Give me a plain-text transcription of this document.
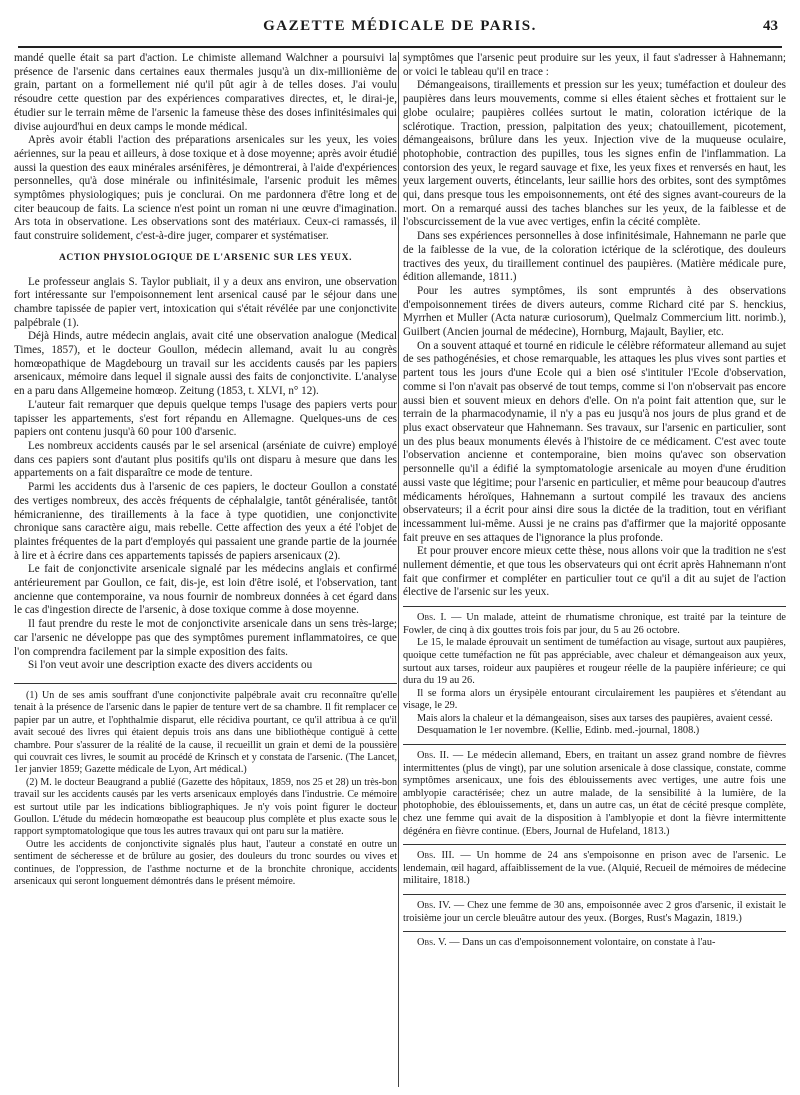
GAZETTE MÉDICALE DE PARIS.	43

mandé quelle était sa part d'action. Le chimiste allemand Walchner a poursuivi la présence de l'arsenic dans certaines eaux thermales jusqu'à un dix-millionième de grain, partant on a formellement nié qu'il pût agir à de telles doses. J'ai voulu résoudre cette question par des expériences comparatives directes, et, le dirai-je, étudier sur le terrain même de l'arsenic la fameuse thèse des doses infinitésimales qui divise aujourd'hui en deux camps le monde médical.

Après avoir établi l'action des préparations arsenicales sur les yeux, les voies aériennes, sur la peau et ailleurs, à dose toxique et à dose moyenne; après avoir étudié aussi la question des eaux minérales arsénifères, je démontrerai, à l'aide d'expériences personnelles, qu'à dose minérale ou infinitésimale, l'arsenic produit les mêmes symptômes physiologiques; puis je conclurai. On me pardonnera d'être long et de citer beaucoup de faits. La science n'est point un roman ni une œuvre d'imagination. Ars tota in observatione. Les observations sont des matériaux. Ceux-ci ramassés, il faut construire solidement, c'est-à-dire juger, comparer et systématiser.

ACTION PHYSIOLOGIQUE DE L'ARSENIC SUR LES YEUX.

Le professeur anglais S. Taylor publiait, il y a deux ans environ, une observation fort intéressante sur l'empoisonnement lent arsenical causé par le séjour dans une chambre tapissée de papier vert, intoxication qui s'était révélée par une conjonctivite palpébrale (1).

Déjà Hinds, autre médecin anglais, avait cité une observation analogue (Medical Times, 1857), et le docteur Goullon, médecin allemand, avait lu au congrès homœopathique de Magdebourg un travail sur les accidents causés par les papiers arsenicaux, mémoire dans lequel il signale aussi des faits de conjonctivite. L'analyse en a paru dans Allgemeine homœop. Zeitung (1853, t. XLVI, n° 12).

L'auteur fait remarquer que depuis quelque temps l'usage des papiers verts pour tapisser les appartements, s'est fort répandu en Allemagne. Quelques-uns de ces papiers ont contenu jusqu'à 60 pour 100 d'arsenic.

Les nombreux accidents causés par le sel arsenical (arséniate de cuivre) employé dans ces papiers sont d'autant plus positifs qu'ils ont disparu à mesure que dans les appartements on a fait disparaître ce mode de tenture.

Parmi les accidents dus à l'arsenic de ces papiers, le docteur Goullon a constaté des vertiges nombreux, des accès fréquents de céphalalgie, tantôt généralisée, tantôt hémicranienne, des tiraillements à la face à type quotidien, une conjonctivite chronique sans caractère aigu, mais rebelle. Cette affection des yeux a été l'objet de plaintes fréquentes de la part d'employés qui passaient une grande partie de la journée à lire et à écrire dans ces appartements tapissés de papiers arsenicaux (2).

Le fait de conjonctivite arsenicale signalé par les médecins anglais et confirmé antérieurement par Goullon, ce fait, dis-je, est loin d'être isolé, et l'observation, tant ancienne que contemporaine, va nous fournir de nombreux données à cet égard dans le cas d'ingestion directe de l'arsenic, à dose toxique comme à dose moyenne.

Il faut prendre du reste le mot de conjonctivite arsenicale dans un sens très-large; car l'arsenic ne développe pas que des symptômes purement inflammatoires, ce que l'on comprendra facilement par la simple exposition des faits.

Si l'on veut avoir une description exacte des divers accidents ou

(1) Un de ses amis souffrant d'une conjonctivite palpébrale avait cru reconnaître qu'elle tenait à la présence de l'arsenic dans le papier de tenture vert de sa chambre. Il fit remplacer ce papier par un autre, et l'ophthalmie disparut, elle récidiva pourtant, ce qu'il attribua à ce qu'il avait secoué des livres qui étaient depuis trois ans dans une bibliothèque contiguë à cette chambre. Pour s'assurer de la réalité de la cause, il recueillit un grain et demi de la poussière qui couvrait ces livres, le soumit au procédé de Krinsch et y constata de l'arsenic. (The Lancet, 1er janvier 1859; Gazette médicale de Lyon, Art médical.)

(2) M. le docteur Beaugrand a publié (Gazette des hôpitaux, 1859, nos 25 et 28) un très-bon travail sur les accidents causés par les verts arsenicaux employés dans l'industrie. Ce mémoire est surtout utile par les indications bibliographiques. Je n'y vois point figurer le docteur Goullon. L'étude du médecin homœopathe est beaucoup plus complète et plus exacte sous le rapport symptomatologique que tous les autres travaux qui ont paru sur la matière.

Outre les accidents de conjonctivite signalés plus haut, l'auteur a constaté en outre un sentiment de sécheresse et de brûlure au gosier, des douleurs du tronc sourdes ou vives et continues, de l'oppression, de l'asthme nocturne et de la bronchite chronique, accidents arsenicaux qui seront longuement démontrés dans le présent mémoire.

symptômes que l'arsenic peut produire sur les yeux, il faut s'adresser à Hahnemann; or voici le tableau qu'il en trace :

Démangeaisons, tiraillements et pression sur les yeux; tuméfaction et douleur des paupières dans leurs mouvements, comme si elles étaient sèches et frottaient sur le globe oculaire; paupières collées surtout le matin, coloration ictérique de la sclérotique. Traction, pression, palpitation des yeux; chatouillement, picotement, démangeaisons, brûlure dans les yeux. Injection vive de la muqueuse oculaire, photophobie, contraction des pupilles, tous les signes enfin de l'inflammation. La contorsion des yeux, le regard sauvage et fixe, les yeux fixes et renversés en haut, les yeux largement ouverts, étincelants, leur saillie hors des orbites, sont des symptômes qui, dans presque tous les empoisonnements, ont été des signes avant-coureurs de la mort. On a remarqué aussi des taches blanches sur les yeux, de la faiblesse et de l'obscurcissement de la vue avec vertiges, enfin la cécité complète.

Dans ses expériences personnelles à dose infinitésimale, Hahnemann ne parle que de la faiblesse de la vue, de la coloration ictérique de la sclérotique, des douleurs tractives des yeux, du tiraillement continuel des paupières. (Matière médicale pure, édition allemande, 1811.)

Pour les autres symptômes, ils sont empruntés à des observations d'empoisonnement tirées de divers auteurs, comme Richard cité par S. henckius, Myrrhen et Muller (Acta naturæ curiosorum), Quelmalz Commercium litt. norimb.), Guilbert (Ancien journal de médecine), Hornburg, Majault, Baylier, etc.

On a souvent attaqué et tourné en ridicule le célèbre réformateur allemand au sujet de ses pathogénésies, et chose remarquable, les attaques les plus vives sont parties et partent tous les jours d'une Ecole qui a bien osé s'intituler l'Ecole d'observation, comme si l'on n'avait pas observé de tout temps, comme si l'on n'observait pas encore aussi bien et souvent mieux en dehors d'elle. On n'a point fait attention que, sur le terrain de la pharmacodynamie, il n'y a pas eu jusqu'à nos jours de plus grand et de plus exact observateur que Hahnemann. Ses travaux, sur l'arsenic en particulier, sont un des plus beaux monuments élevés à l'histoire de ce médicament. C'est avec toute l'observation ancienne et contemporaine, bien moins qu'avec son observation personnelle qu'il a édifié la symptomatologie arsenicale au moyen d'une érudition aussi vaste que légitime; pour l'arsenic en particulier, et même pour beaucoup d'autres médicaments héroïques, Hahnemann a surtout compilé les travaux des anciens observateurs; il a écrit pour ainsi dire sous la dictée de la tradition, tout en vérifiant incessamment lui-même. Aussi je ne crains pas d'affirmer que la majorité opposante fait preuve en ses attaques de l'ignorance la plus profonde.

Et pour prouver encore mieux cette thèse, nous allons voir que la tradition ne s'est nullement démentie, et que tous les observateurs qui ont écrit après Hahnemann n'ont fait que confirmer et compléter en particulier tout ce qu'il a dit au sujet de l'action élective de l'arsenic sur les yeux.

Obs. I. — Un malade, atteint de rhumatisme chronique, est traité par la teinture de Fowler, de cinq à dix gouttes trois fois par jour, du 5 au 26 octobre.

Le 15, le malade éprouvait un sentiment de tuméfaction au visage, surtout aux paupières, quoique cette tuméfaction ne fût pas appréciable, avec chaleur et démangeaison aux yeux, surtout aux tarses, roideur aux paupières et rougeur réelle de la paupière inférieure; ce qui dura du 19 au 26.

Il se forma alors un érysipèle entourant circulairement les paupières et s'étendant au visage, le 29.

Mais alors la chaleur et la démangeaison, sises aux tarses des paupières, avaient cessé.

Desquamation le 1er novembre. (Kellie, Edinb. med.-journal, 1808.)

Obs. II. — Le médecin allemand, Ebers, en traitant un assez grand nombre de fièvres intermittentes (plus de vingt), par une solution arsenicale à dose classique, constate, comme symptômes arsenicaux, une fois des éblouissements avec vertiges, une autre fois une amblyopie caractérisée; chez un autre malade, de la sensibilité à la lumière, de la photophobie, des éblouissements, et, dans un autre cas, un état de cécité presque complète, chez une femme qui avait de la disposition à l'amblyopie et dont la fièvre intermittente dégénéra en fièvre continue. (Ebers, Journal de Hufeland, 1813.)

Obs. III. — Un homme de 24 ans s'empoisonne en prison avec de l'arsenic. Le lendemain, œil hagard, affaiblissement de la vue. (Alquié, Recueil de mémoires de médecine militaire, 1818.)

Obs. IV. — Chez une femme de 30 ans, empoisonnée avec 2 gros d'arsenic, il existait le troisième jour un cercle bleuâtre autour des yeux. (Borges, Rust's Magazin, 1819.)

Obs. V. — Dans un cas d'empoisonnement volontaire, on constate à l'au-
